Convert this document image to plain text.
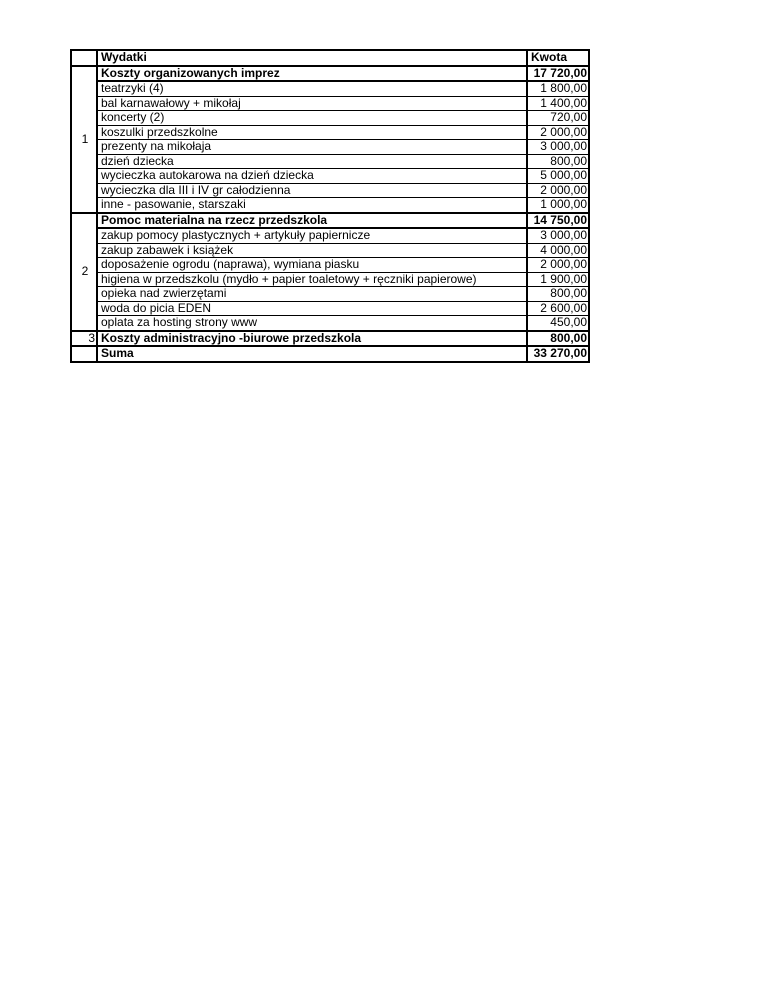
	Wydatki	Kwota
1	Koszty organizowanych imprez	17 720,00
	teatrzyki (4)	1 800,00
	bal karnawałowy + mikołaj	1 400,00
	koncerty (2)	720,00
	koszulki przedszkolne	2 000,00
	prezenty na mikołaja	3 000,00
	dzień dziecka	800,00
	wycieczka autokarowa na dzień dziecka	5 000,00
	wycieczka dla III i IV gr całodzienna	2 000,00
	inne - pasowanie, starszaki	1 000,00
2	Pomoc materialna na rzecz przedszkola	14 750,00
	zakup pomocy plastycznych + artykuły papiernicze	3 000,00
	zakup zabawek i książek	4 000,00
	doposażenie ogrodu (naprawa), wymiana piasku	2 000,00
	higiena w przedszkolu (mydło + papier toaletowy + ręczniki papierowe)	1 900,00
	opieka nad zwierzętami	800,00
	woda do picia EDEN	2 600,00
	oplata za hosting strony www	450,00
3	Koszty administracyjno -biurowe przedszkola	800,00
	Suma	33 270,00
